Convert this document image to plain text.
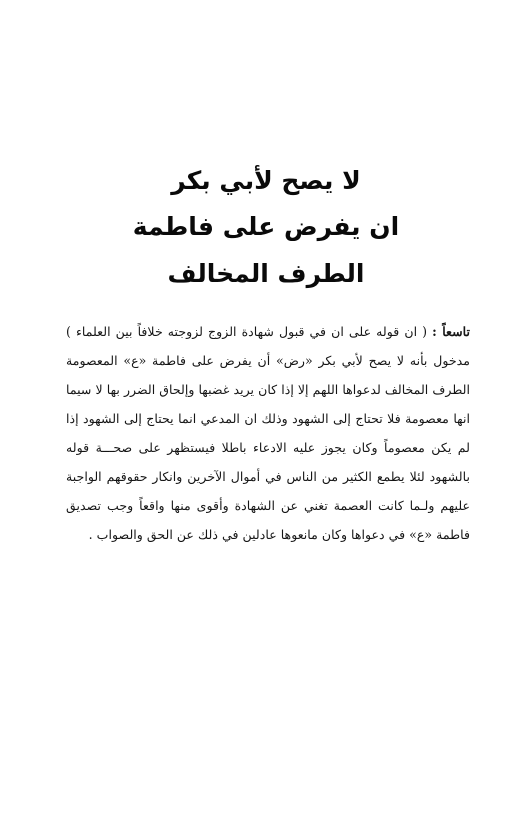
لا يصح لأبي بكر
ان يفرض على فاطمة
الطرف المخالف
تاسعاً : ( ان قوله على ان في قبول شهادة الزوج لزوجته خلافاً بين العلماء )
مدخول بأنه لا يصح لأبي بكر «رض» أن يفرض على فاطمة «ع» المعصومة
الطرف المخالف لدعواها اللهم إلا إذا كان يريد غضبها وإلحاق الضرر بها لا سيما
انها معصومة فلا تحتاج إلى الشهود وذلك ان المدعي انما يحتاج إلى الشهود إذا
لم يكن معصوماً وكان يجوز عليه الادعاء باطلا فيستظهر على صحـــة قوله
بالشهود لئلا يطمع الكثير من الناس في أموال الآخرين وانكار حقوقهم الواجبة
عليهم ولـما كانت العصمة تغني عن الشهادة وأقوى منها واقعاً وجب تصديق
فاطمة «ع» في دعواها وكان مانعوها عادلين في ذلك عن الحق والصواب .
